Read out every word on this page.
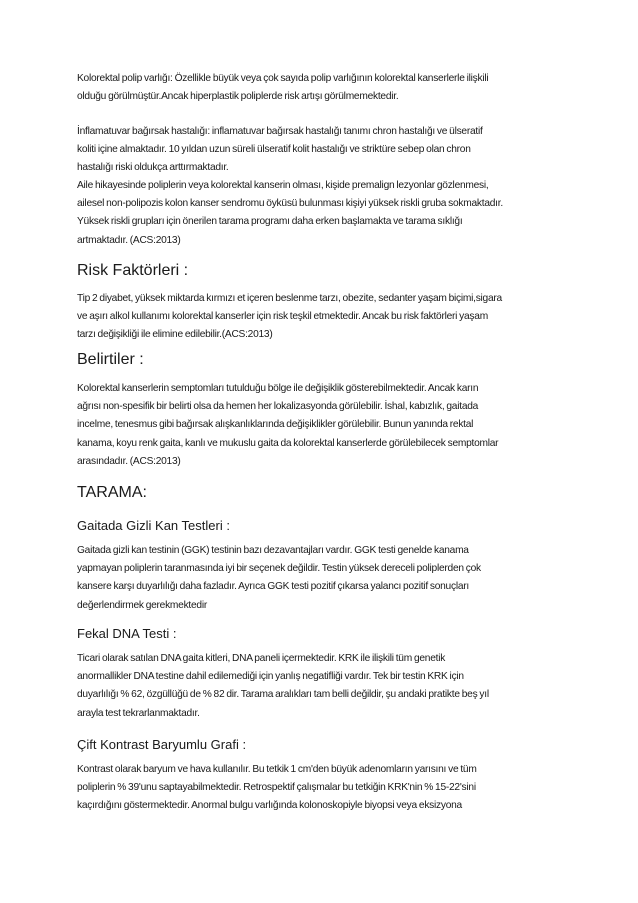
Kolorektal polip varlığı: Özellikle büyük veya çok sayıda polip varlığının kolorektal kanserlerle ilişkili
olduğu görülmüştür.Ancak hiperplastik poliplerde risk artışı görülmemektedir.

İnflamatuvar bağırsak hastalığı: inflamatuvar bağırsak hastalığı tanımı chron hastalığı ve ülseratif
koliti içine almaktadır. 10 yıldan uzun süreli ülseratif kolit hastalığı ve striktüre sebep olan chron
hastalığı riski oldukça arttırmaktadır.

Aile hikayesinde poliplerin veya kolorektal kanserin olması, kişide premalign lezyonlar gözlenmesi,
ailesel non-polipozis kolon kanser sendromu öyküsü bulunması kişiyi yüksek riskli gruba sokmaktadır.
Yüksek riskli grupları için önerilen tarama programı daha erken başlamakta ve tarama sıklığı
artmaktadır. (ACS:2013)

Risk Faktörleri :

Tip 2 diyabet, yüksek miktarda kırmızı et içeren beslenme tarzı, obezite, sedanter yaşam biçimi,sigara
ve aşırı alkol kullanımı kolorektal kanserler için risk teşkil etmektedir. Ancak bu risk faktörleri yaşam
tarzı değişikliği ile elimine edilebilir.(ACS:2013)

Belirtiler :

Kolorektal kanserlerin semptomları tutulduğu bölge ile değişiklik gösterebilmektedir. Ancak karın
ağrısı non-spesifik bir belirti olsa da hemen her lokalizasyonda görülebilir. İshal, kabızlık, gaitada
incelme, tenesmus gibi bağırsak alışkanlıklarında değişiklikler görülebilir. Bunun yanında rektal
kanama, koyu renk gaita, kanlı ve mukuslu gaita da kolorektal kanserlerde görülebilecek semptomlar
arasındadır. (ACS:2013)

TARAMA:
Gaitada Gizli Kan Testleri :

Gaitada gizli kan testinin (GGK) testinin bazı dezavantajları vardır. GGK testi genelde kanama
yapmayan poliplerin taranmasında iyi bir seçenek değildir. Testin yüksek dereceli poliplerden çok
kansere karşı duyarlılığı daha fazladır. Ayrıca GGK testi pozitif çıkarsa yalancı pozitif sonuçları
değerlendirmek gerekmektedir

Fekal DNA Testi :

Ticari olarak satılan DNA gaita kitleri, DNA paneli içermektedir. KRK ile ilişkili tüm genetik
anormallikler DNA testine dahil edilemediği için yanlış negatifliği vardır. Tek bir testin KRK için
duyarlılığı % 62, özgüllüğü de % 82 dir. Tarama aralıkları tam belli değildir, şu andaki pratikte beş yıl
arayla test tekrarlanmaktadır.

Çift Kontrast Baryumlu Grafi :

Kontrast olarak baryum ve hava kullanılır. Bu tetkik 1 cm'den büyük adenomların yarısını ve tüm
poliplerin % 39'unu saptayabilmektedir. Retrospektif çalışmalar bu tetkiğin KRK'nin % 15-22'sini
kaçırdığını göstermektedir. Anormal bulgu varlığında kolonoskopiyle biyopsi veya eksizyona
